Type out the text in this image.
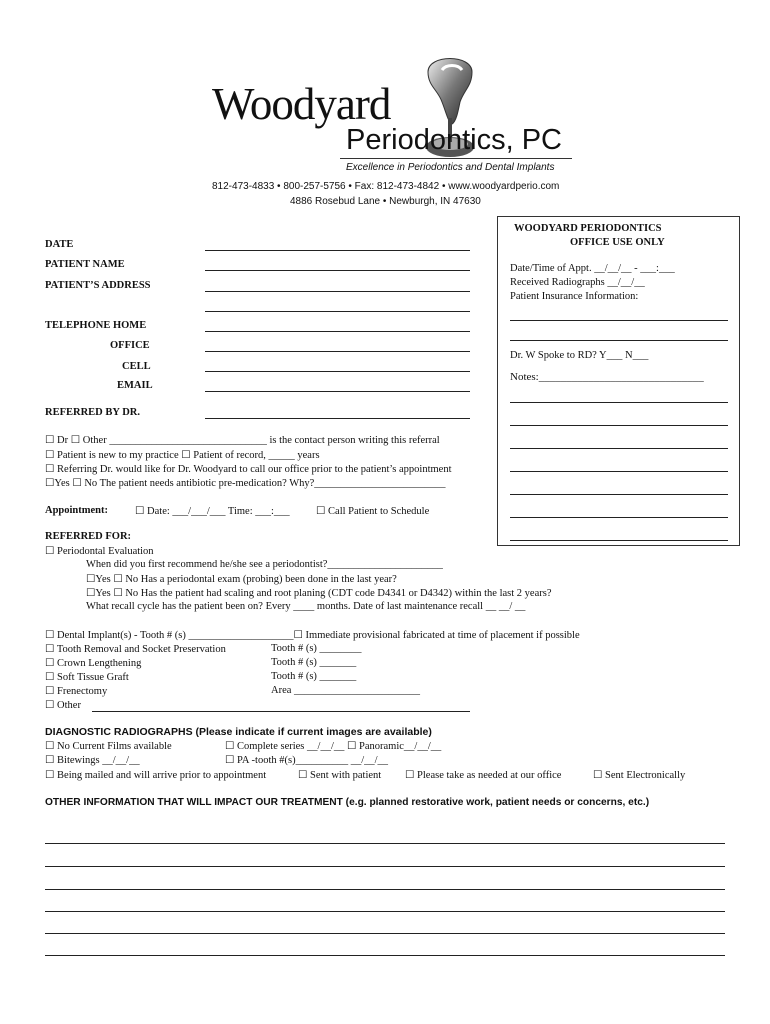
Woodyard
Periodontics, PC
Excellence in Periodontics and Dental Implants
812-473-4833 • 800-257-5756 • Fax: 812-473-4842 • www.woodyardperio.com
4886 Rosebud Lane • Newburgh, IN 47630
WOODYARD PERIODONTICS
OFFICE USE ONLY
Date/Time of Appt. __/__/__ - ___:___
Received Radiographs __/__/__
Patient Insurance Information:
Dr. W Spoke to RD? Y___ N___
Notes:______________________________
DATE
PATIENT NAME
PATIENT’S ADDRESS
TELEPHONE HOME
OFFICE
CELL
EMAIL
REFERRED BY DR.
☐ Dr ☐ Other ______________________________ is the contact person writing this referral
☐ Patient is new to my practice ☐ Patient of record, _____ years
☐ Referring Dr. would like for Dr. Woodyard to call our office prior to the patient’s appointment
☐Yes ☐ No The patient needs antibiotic pre-medication? Why?_________________________
Appointment:	☐ Date: ___/___/___ Time: ___:___	☐ Call Patient to Schedule
REFERRED FOR:
☐ Periodontal Evaluation
When did you first recommend he/she see a periodontist?______________________
☐Yes ☐ No Has a periodontal exam (probing) been done in the last year?
☐Yes ☐ No Has the patient had scaling and root planing (CDT code D4341 or D4342) within the last 2 years?
What recall cycle has the patient been on? Every ____ months. Date of last maintenance recall __ __/ __
☐ Dental Implant(s) - Tooth # (s) ____________________☐ Immediate provisional fabricated at time of placement if possible
☐ Tooth Removal and Socket Preservation	Tooth # (s) ________
☐ Crown Lengthening	Tooth # (s) _______
☐ Soft Tissue Graft	Tooth # (s) _______
☐ Frenectomy	Area ________________________
☐ Other
DIAGNOSTIC RADIOGRAPHS (Please indicate if current images are available)
☐ No Current Films available	☐ Complete series __/__/__ ☐ Panoramic__/__/__
☐ Bitewings __/__/__	☐ PA -tooth #(s)__________ __/__/__
☐ Being mailed and will arrive prior to appointment	☐ Sent with patient ☐ Please take as needed at our office	☐ Sent Electronically
OTHER INFORMATION THAT WILL IMPACT OUR TREATMENT (e.g. planned restorative work, patient needs or concerns, etc.)
